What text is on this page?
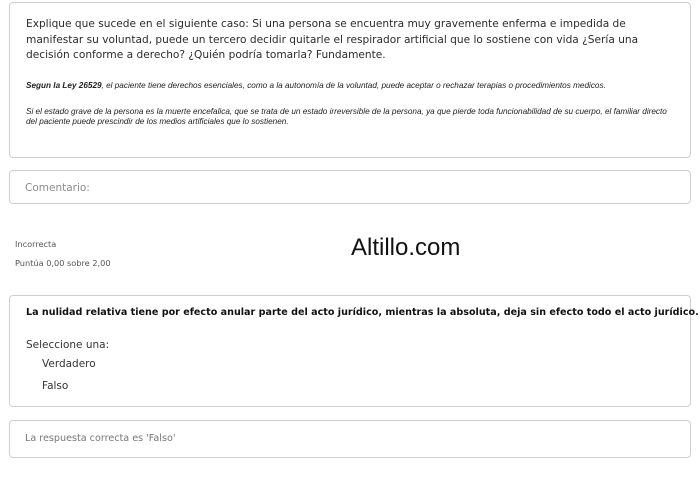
Explique que sucede en el siguiente caso: Si una persona se encuentra muy gravemente enferma e impedida de manifestar su voluntad, puede un tercero decidir quitarle el respirador artificial que lo sostiene con vida ¿Sería una decisión conforme a derecho? ¿Quién podría tomarla? Fundamente.
Segun la Ley 26529, el paciente tiene derechos esenciales, como a la autonomía de la voluntad, puede aceptar o rechazar terapias o procedimientos medicos.
Si el estado grave de la persona es la muerte encefalica, que se trata de un estado irreversible de la persona, ya que pierde toda funcionabilidad de su cuerpo, el familiar directo del paciente puede prescindir de los medios artificiales que lo sostienen.
Comentario:
Incorrecta
Puntúa 0,00 sobre 2,00
Altillo.com
La nulidad relativa tiene por efecto anular parte del acto jurídico, mientras la absoluta, deja sin efecto todo el acto jurídico.
Seleccione una:
Verdadero
Falso
La respuesta correcta es 'Falso'
